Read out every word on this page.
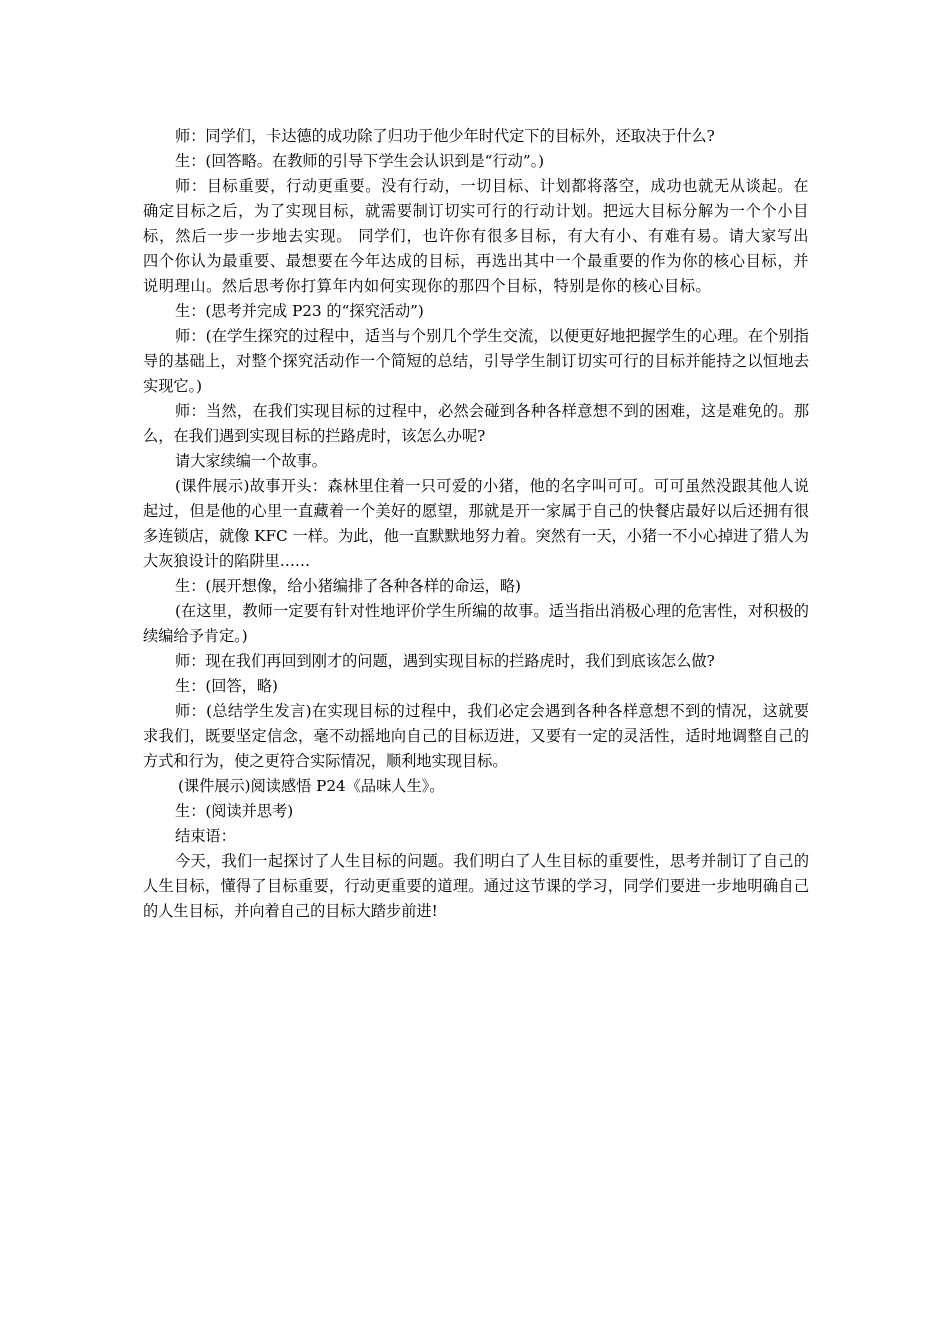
师：同学们，卡达德的成功除了归功于他少年时代定下的目标外，还取决于什么?

生：(回答略。在教师的引导下学生会认识到是“行动”。)

师：目标重要，行动更重要。没有行动，一切目标、计划都将落空，成功也就无从谈起。在确定目标之后，为了实现目标，就需要制订切实可行的行动计划。把远大目标分解为一个个小目标，然后一步一步地去实现。 同学们，也许你有很多目标，有大有小、有难有易。请大家写出四个你认为最重要、最想要在今年达成的目标，再选出其中一个最重要的作为你的核心目标，并说明理山。然后思考你打算年内如何实现你的那四个目标，特别是你的核心目标。

生：(思考并完成 P23 的“探究活动”)

师：(在学生探究的过程中，适当与个别几个学生交流，以便更好地把握学生的心理。在个别指导的基础上，对整个探究活动作一个简短的总结，引导学生制订切实可行的目标并能持之以恒地去实现它。)

师：当然，在我们实现目标的过程中，必然会碰到各种各样意想不到的困难，这是难免的。那么，在我们遇到实现目标的拦路虎时，该怎么办呢?

请大家续编一个故事。

(课件展示)故事开头：森林里住着一只可爱的小猪，他的名字叫可可。可可虽然没跟其他人说起过，但是他的心里一直藏着一个美好的愿望，那就是开一家属于自己的快餐店最好以后还拥有很多连锁店，就像 KFC 一样。为此，他一直默默地努力着。突然有一天，小猪一不小心掉进了猎人为大灰狼设计的陷阱里……

生：(展开想像，给小猪编排了各种各样的命运，略)

(在这里，教师一定要有针对性地评价学生所编的故事。适当指出消极心理的危害性，对积极的续编给予肯定。)

师：现在我们再回到刚才的问题，遇到实现目标的拦路虎时，我们到底该怎么做?

生：(回答，略)

师：(总结学生发言)在实现目标的过程中，我们必定会遇到各种各样意想不到的情况，这就要求我们，既要坚定信念，毫不动摇地向自己的目标迈进，又要有一定的灵活性，适时地调整自己的方式和行为，使之更符合实际情况，顺利地实现目标。

(课件展示)阅读感悟 P24《品味人生》。

生：(阅读并思考)

结束语：

今天，我们一起探讨了人生目标的问题。我们明白了人生目标的重要性，思考并制订了自己的人生目标，懂得了目标重要，行动更重要的道理。通过这节课的学习，同学们要进一步地明确自己的人生目标，并向着自己的目标大踏步前进!
